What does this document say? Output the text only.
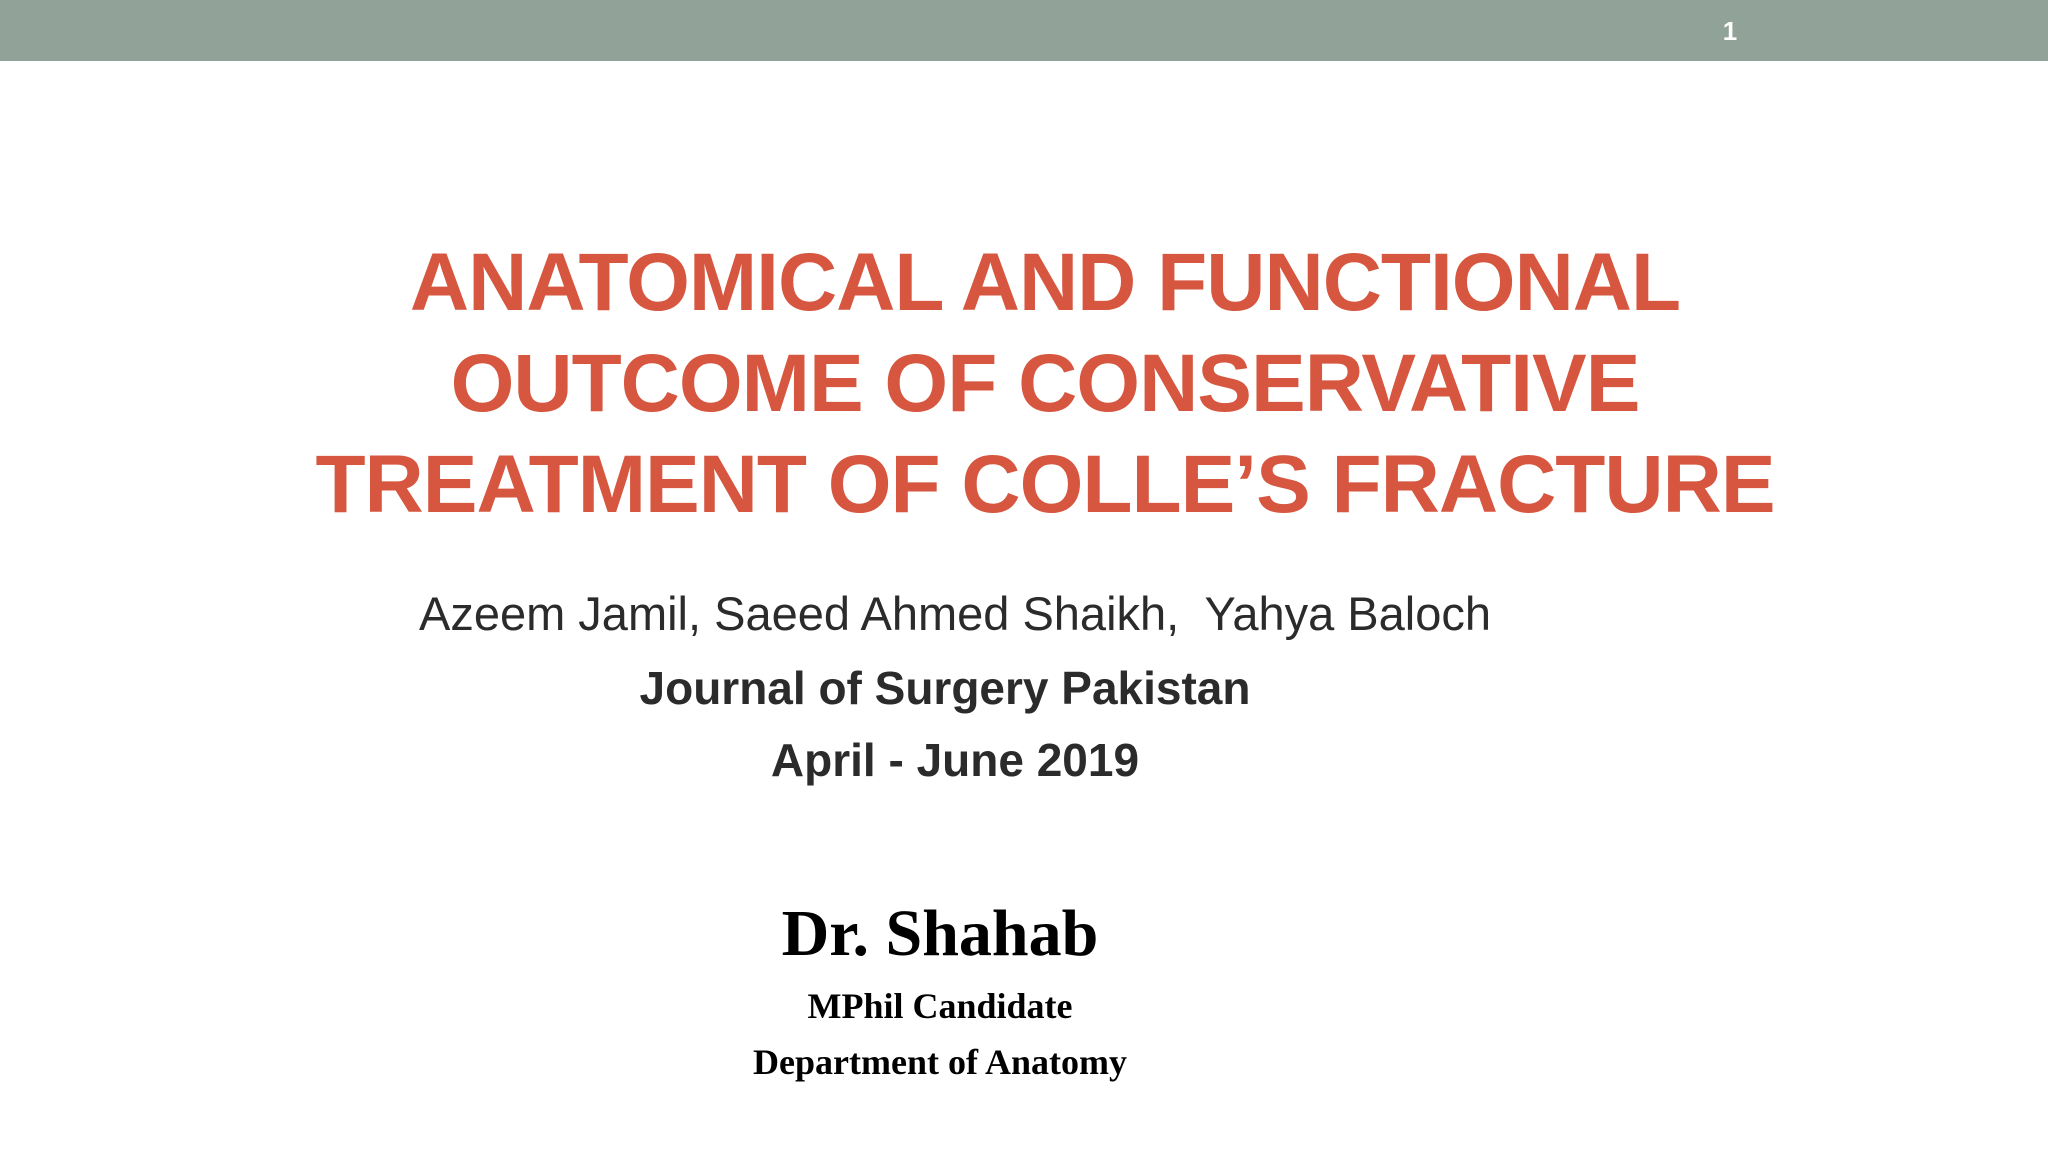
1
ANATOMICAL AND FUNCTIONAL
OUTCOME OF CONSERVATIVE
TREATMENT OF COLLE’S FRACTURE
Azeem Jamil, Saeed Ahmed Shaikh,  Yahya Baloch
Journal of Surgery Pakistan
April - June 2019
Dr. Shahab
MPhil Candidate
Department of Anatomy
